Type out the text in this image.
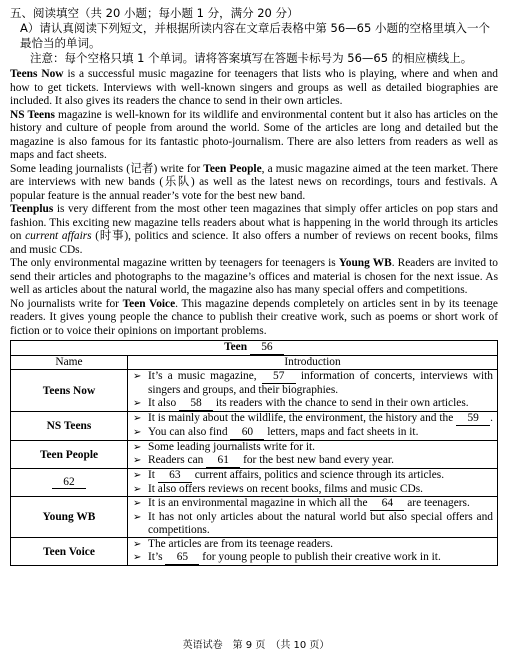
五、阅读填空（共 20 小题；每小题 1 分，满分 20 分）
A）请认真阅读下列短文，并根据所读内容在文章后表格中第 56—65 小题的空格里填入一个最恰当的单词。
注意：每个空格只填 1 个单词。请将答案填写在答题卡标号为 56—65 的相应横线上。

Teens Now is a successful music magazine for teenagers that lists who is playing, where and when and how to get tickets. Interviews with well-known singers and groups as well as detailed biographies are included. It also gives its readers the chance to send in their own articles.

NS Teens magazine is well-known for its wildlife and environmental content but it also has articles on the history and culture of people from around the world. Some of the articles are long and detailed but the magazine is also famous for its fantastic photo-journalism. There are also letters from readers as well as maps and fact sheets.

Some leading journalists (记者) write for Teen People, a music magazine aimed at the teen market. There are interviews with new bands (乐队) as well as the latest news on recordings, tours and festivals. A popular feature is the annual reader’s vote for the best new band.

Teenplus is very different from the most other teen magazines that simply offer articles on pop stars and fashion. This exciting new magazine tells readers about what is happening in the world through its articles on current affairs (时事), politics and science. It also offers a number of reviews on recent books, films and music CDs.

The only environmental magazine written by teenagers for teenagers is Young WB. Readers are invited to send their articles and photographs to the magazine’s offices and material is chosen for the next issue. As well as articles about the natural world, the magazine also has many special offers and competitions.

No journalists write for Teen Voice. This magazine depends completely on articles sent in by its teenage readers. It gives young people the chance to publish their creative work, such as poems or short work of fiction or to voice their opinions on important problems.

Teen 56	
Name	Introduction
Teens Now	➢ It’s a music magazine, 57 information of concerts, interviews with singers and groups, and their biographies.
➢ It also 58 its readers with the chance to send in their own articles.

NS Teens	➢ It is mainly about the wildlife, the environment, the history and the 59 .
➢ You can also find 60 letters, maps and fact sheets in it.

Teen People	➢ Some leading journalists write for it.
➢ Readers can 61 for the best new band every year.

62	➢ It 63 current affairs, politics and science through its articles.
➢ It also offers reviews on recent books, films and music CDs.

Young WB	➢ It is an environmental magazine in which all the 64 are teenagers.
➢ It has not only articles about the natural world but also special offers and competitions.

Teen Voice	➢ The articles are from its teenage readers.
➢ It’s 65 for young people to publish their creative work in it.
英语试卷　第 9 页　（共 10 页）
